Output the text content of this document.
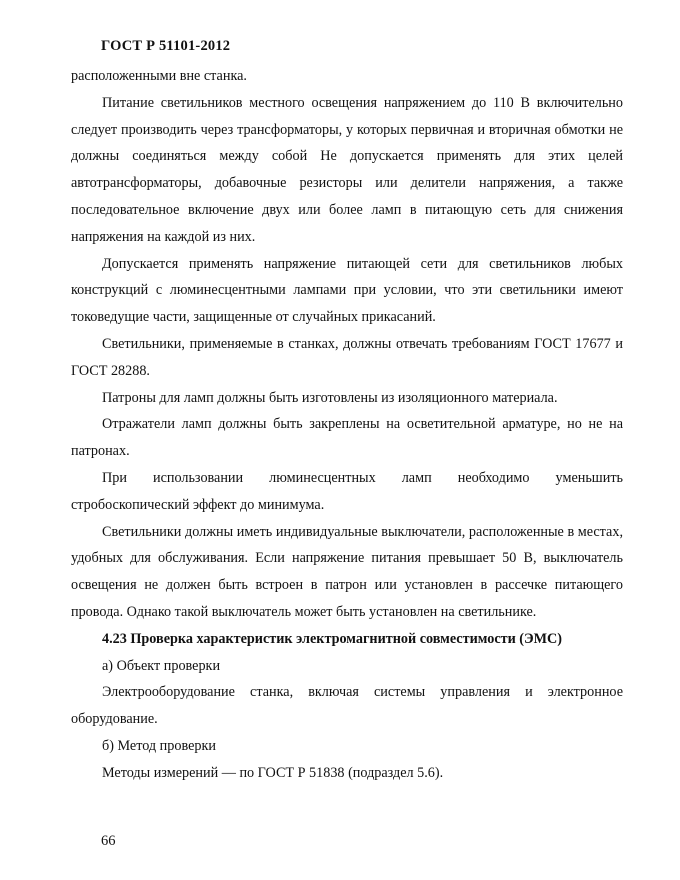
ГОСТ Р 51101-2012

расположенными вне станка.

Питание светильников местного освещения напряжением до 110 В включительно следует производить через трансформаторы, у которых первичная и вторичная обмотки не должны соединяться между собой Не допускается применять для этих целей автотрансформаторы, добавочные резисторы или делители напряжения, а также последовательное включение двух или более ламп в питающую сеть для снижения напряжения на каждой из них.

Допускается применять напряжение питающей сети для светильников любых конструкций с люминесцентными лампами при условии, что эти светильники имеют токоведущие части, защищенные от случайных прикасаний.

Светильники, применяемые в станках, должны отвечать требованиям ГОСТ 17677 и ГОСТ 28288.

Патроны для ламп должны быть изготовлены из изоляционного материала.

Отражатели ламп должны быть закреплены на осветительной арматуре, но не на патронах.

При использовании люминесцентных ламп необходимо уменьшить стробоскопический эффект до минимума.

Светильники должны иметь индивидуальные выключатели, расположенные в местах, удобных для обслуживания. Если напряжение питания превышает 50 В, выключатель освещения не должен быть встроен в патрон или установлен в рассечке питающего провода. Однако такой выключатель может быть установлен на светильнике.

4.23 Проверка характеристик электромагнитной совместимости (ЭМС)

а) Объект проверки

Электрооборудование станка, включая системы управления и электронное оборудование.

б) Метод проверки

Методы измерений — по ГОСТ Р 51838 (подраздел 5.6).

66
